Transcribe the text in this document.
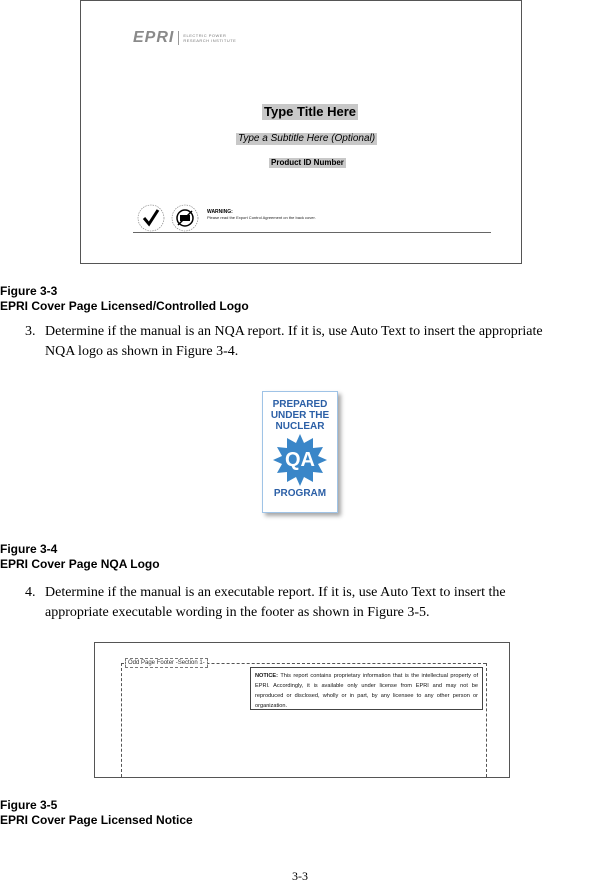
EPRI ELECTRIC POWER
RESEARCH INSTITUTE
Type Title Here
Type a Subtitle Here (Optional)
Product ID Number
WARNING:
Please read the Export Control Agreement on the back cover.
Figure 3-3
EPRI Cover Page Licensed/Controlled Logo
3. Determine if the manual is an NQA report. If it is, use Auto Text to insert the appropriate
NQA logo as shown in Figure 3-4.
PREPARED
UNDER THE
NUCLEAR
QA
PROGRAM
Figure 3-4
EPRI Cover Page NQA Logo
4. Determine if the manual is an executable report. If it is, use Auto Text to insert the
appropriate executable wording in the footer as shown in Figure 3-5.
Odd Page Footer -Section 1-
NOTICE: This report contains proprietary information that is the intellectual property of EPRI. Accordingly, it is available only under license from EPRI and may not be reproduced or disclosed, wholly or in part, by any licensee to any other person or organization.
Figure 3-5
EPRI Cover Page Licensed Notice
3-3
